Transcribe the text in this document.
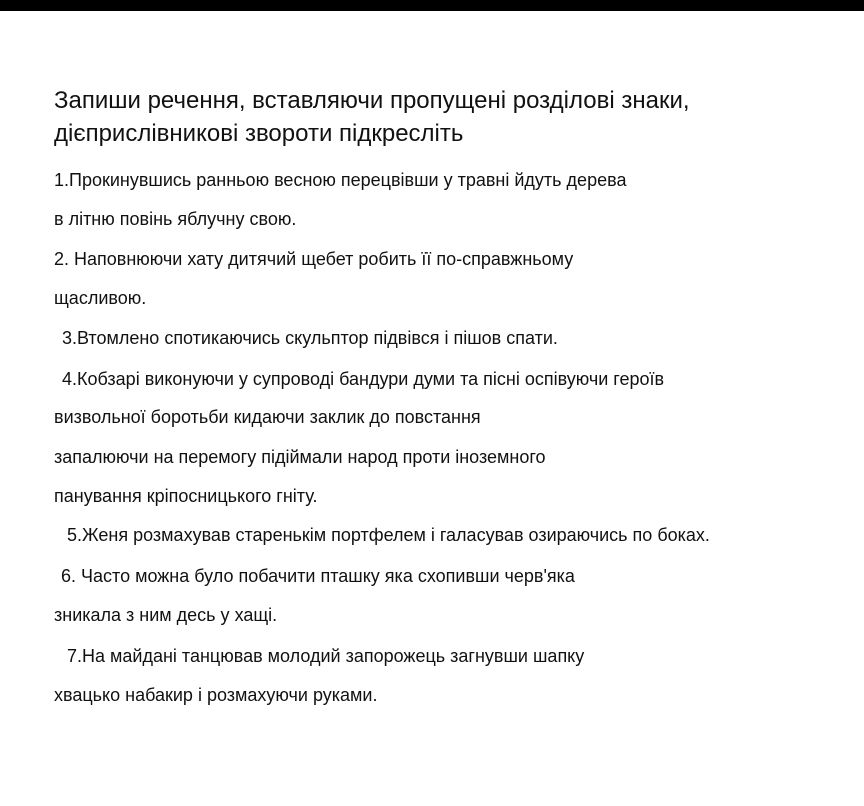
Запиши речення, вставляючи пропущені розділові знаки,
дієприслівникові звороти підкресліть
1.Прокинувшись ранньою весною перецвівши у травні йдуть дерева
в літню повінь яблучну свою.
2. Наповнюючи хату дитячий щебет робить її по-справжньому
щасливою.
3.Втомлено спотикаючись скульптор підвівся і пішов спати.
4.Кобзарі виконуючи у супроводі бандури думи та пісні оспівуючи героїв
визвольної боротьби кидаючи заклик до повстання
запалюючи на перемогу підіймали народ проти іноземного
панування кріпосницького гніту.
5.Женя розмахував старенькім портфелем і галасував озираючись по боках.
6. Часто можна було побачити пташку яка схопивши черв'яка
зникала з ним десь у хащі.
7.На майдані танцював молодий запорожець загнувши шапку
хвацько набакир і розмахуючи руками.
